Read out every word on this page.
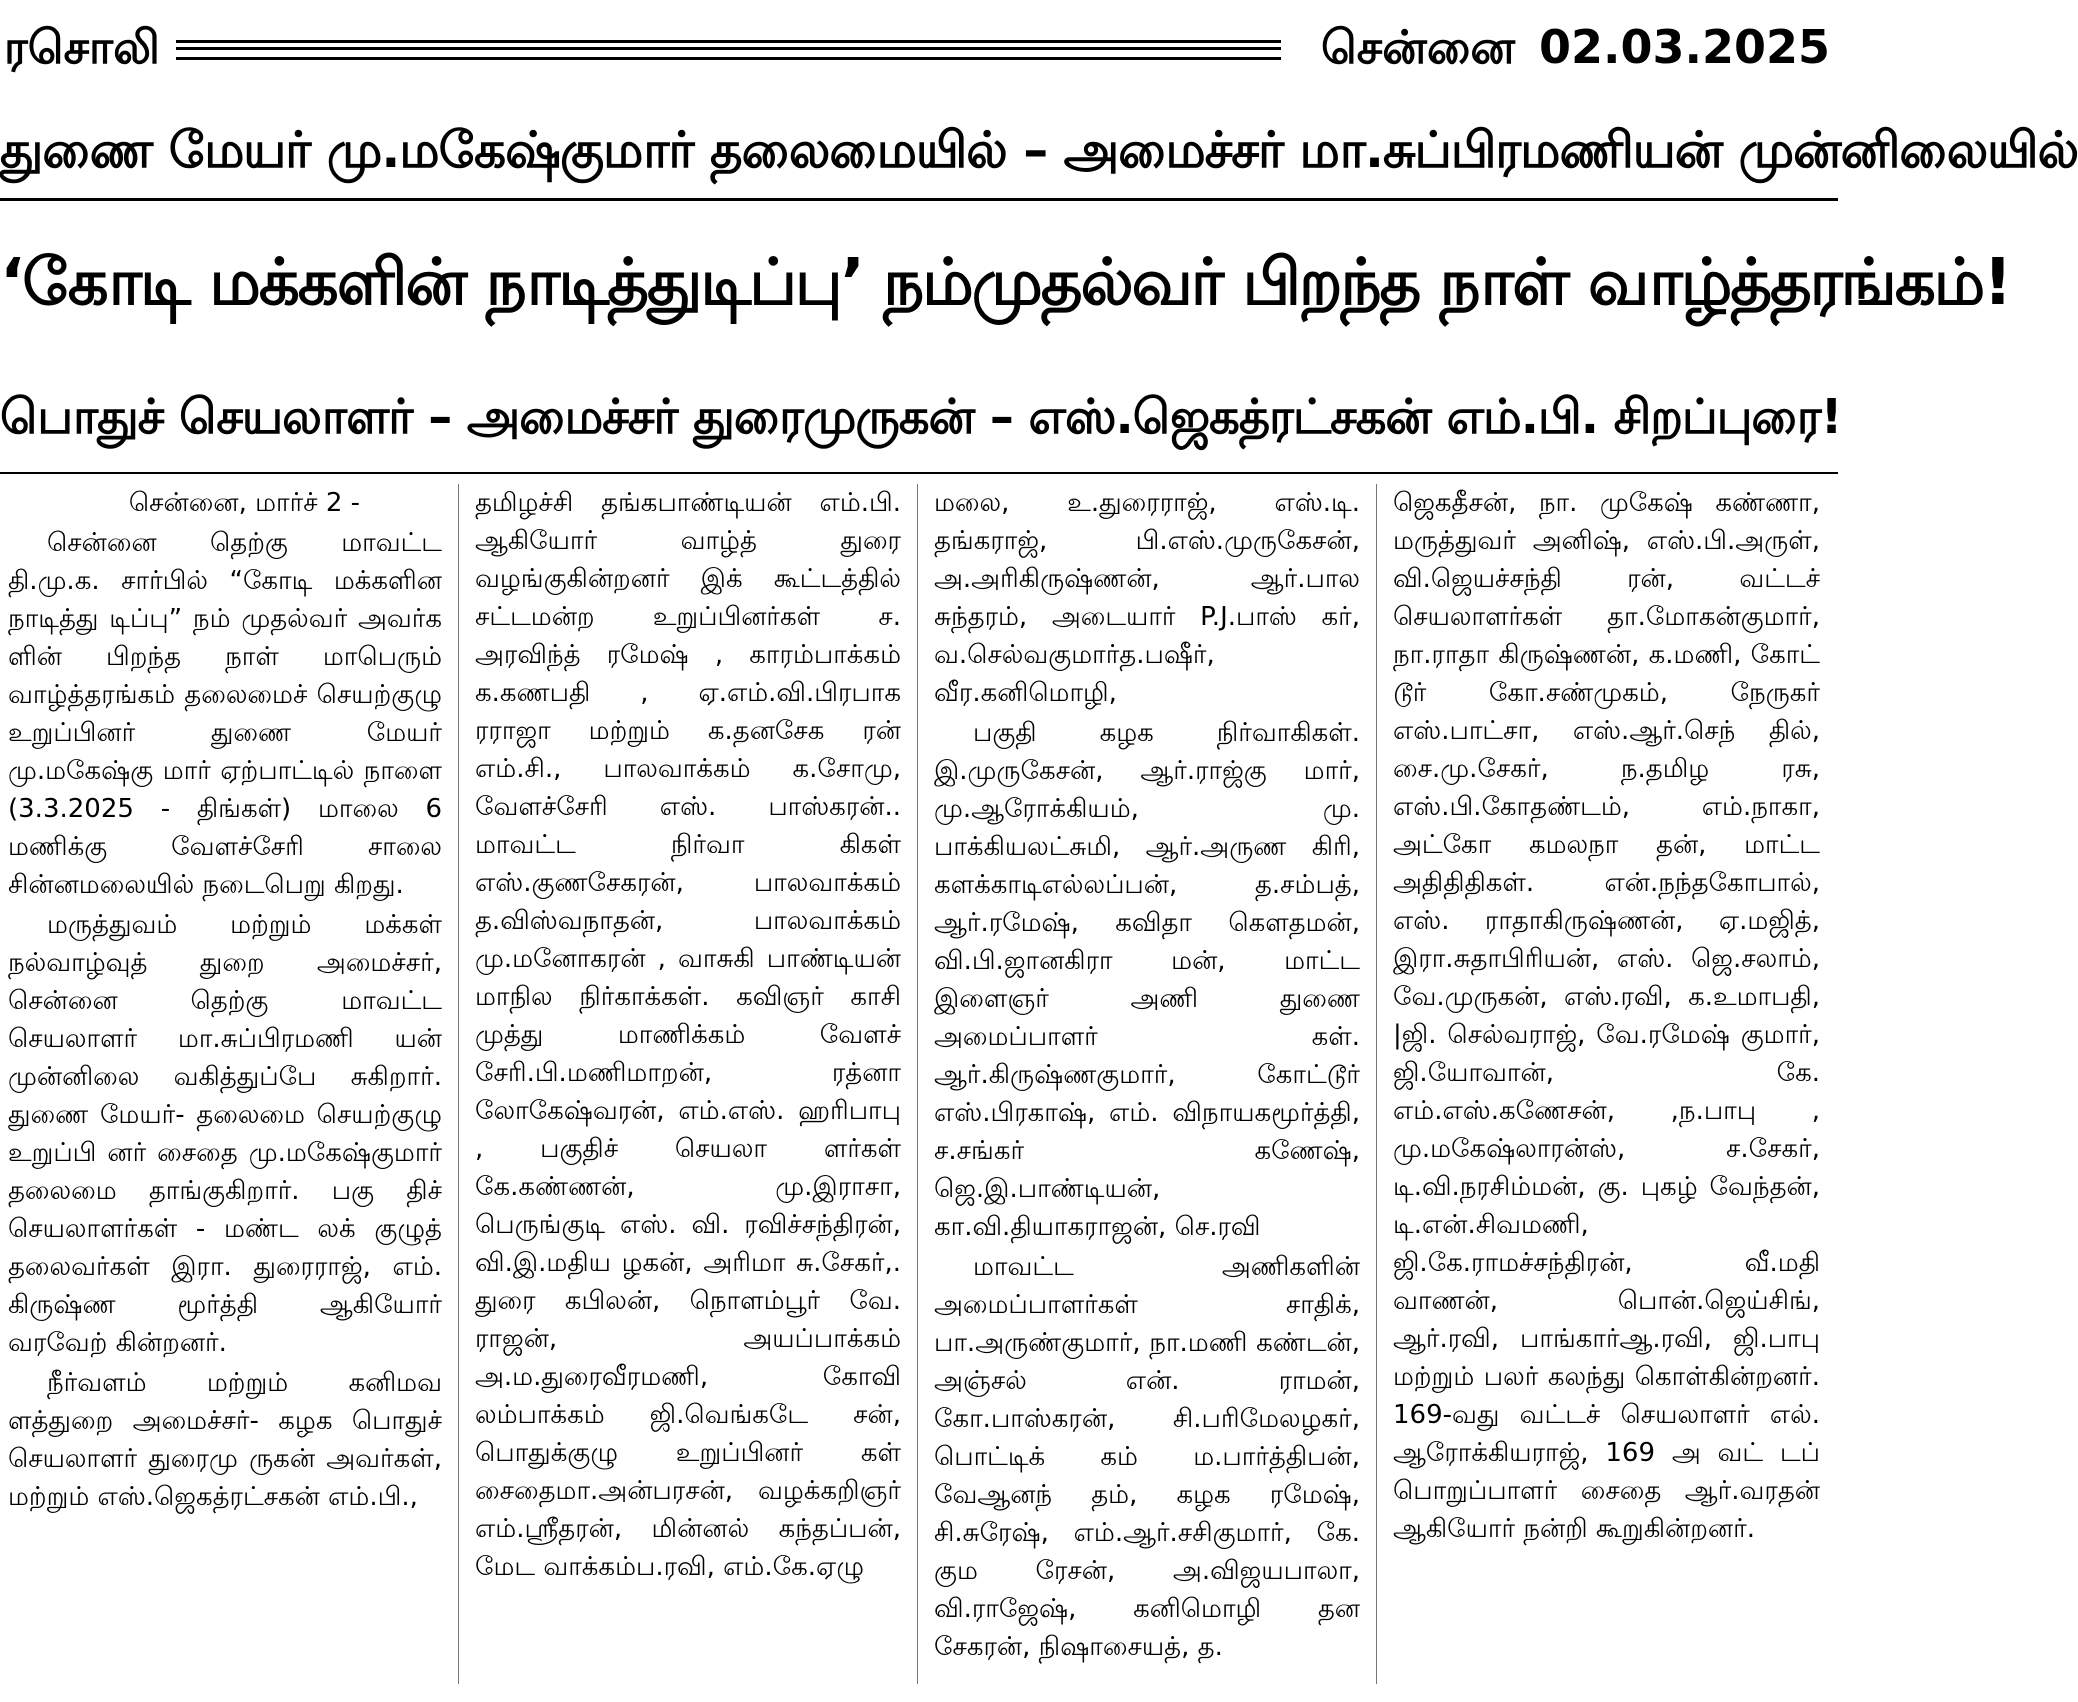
ரசொலி	சென்னை 02.03.2025
துணை மேயர் மு.மகேஷ்குமார் தலைமையில் – அமைச்சர் மா.சுப்பிரமணியன் முன்னிலையில்
‘கோடி மக்களின் நாடித்துடிப்பு’ நம்முதல்வர் பிறந்த நாள் வாழ்த்தரங்கம்!
பொதுச் செயலாளர் – அமைச்சர் துரைமுருகன் – எஸ்.ஜெகத்ரட்சகன் எம்.பி. சிறப்புரை!

சென்னை, மார்ச் 2 -

சென்னை தெற்கு மாவட்ட தி.மு.க. சார்பில் “கோடி மக்களின நாடித்து டிப்பு” நம் முதல்வர் அவர்க ளின் பிறந்த நாள் மாபெரும் வாழ்த்தரங்கம் தலைமைச் செயற்குழு உறுப்பினர் துணை மேயர் மு.மகேஷ்கு மார் ஏற்பாட்டில் நாளை (3.3.2025 - திங்கள்) மாலை 6 மணிக்கு வேளச்சேரி சாலை சின்னமலையில் நடைபெறு கிறது.

மருத்துவம் மற்றும் மக்கள் நல்வாழ்வுத் துறை அமைச்சர், சென்னை தெற்கு மாவட்ட செயலாளர் மா.சுப்பிரமணி யன் முன்னிலை வகித்துப்பே சுகிறார். துணை மேயர்- தலைமை செயற்குழு உறுப்பி னர் சைதை மு.மகேஷ்குமார் தலைமை தாங்குகிறார். பகு திச் செயலாளர்கள் - மண்ட லக் குழுத் தலைவர்கள் இரா. துரைராஜ், எம். கிருஷ்ண மூர்த்தி ஆகியோர் வரவேற் கின்றனர்.

நீர்வளம் மற்றும் கனிமவ ளத்துறை அமைச்சர்- கழக பொதுச் செயலாளர் துரைமு ருகன் அவர்கள், மற்றும் எஸ்.ஜெகத்ரட்சகன் எம்.பி.,

தமிழச்சி தங்கபாண்டியன் எம்.பி. ஆகியோர் வாழ்த் துரை வழங்குகின்றனர் இக் கூட்டத்தில் சட்டமன்ற உறுப்பினர்கள் ச. அரவிந்த் ரமேஷ் , காரம்பாக்கம் க.கணபதி , ஏ.எம்.வி.பிரபாக ரராஜா மற்றும் க.தனசேக ரன் எம்.சி., பாலவாக்கம் க.சோமு, வேளச்சேரி எஸ். பாஸ்கரன்.. மாவட்ட நிர்வா கிகள் எஸ்.குணசேகரன், பாலவாக்கம் த.விஸ்வநாதன், பாலவாக்கம் மு.மனோகரன் , வாசுகி பாண்டியன் மாநில நிர்காக்கள். கவிஞர் காசி முத்து மாணிக்கம் வேளச் சேரி.பி.மணிமாறன், ரத்னா லோகேஷ்வரன், எம்.எஸ். ஹரிபாபு , பகுதிச் செயலா ளர்கள் கே.கண்ணன், மு.இராசா, பெருங்குடி எஸ். வி. ரவிச்சந்திரன், வி.இ.மதிய ழகன், அரிமா சு.சேகர்,. துரை கபிலன், நொளம்பூர் வே. ராஜன், அயப்பாக்கம் அ.ம.துரைவீரமணி, கோவி லம்பாக்கம் ஜி.வெங்கடே சன், பொதுக்குழு உறுப்பினர் கள் சைதைமா.அன்பரசன், வழக்கறிஞர் எம்.ஸ்ரீதரன், மின்னல் கந்தப்பன், மேட வாக்கம்ப.ரவி, எம்.கே.ஏழு

மலை, உ.துரைராஜ், எஸ்.டி. தங்கராஜ், பி.எஸ்.முருகேசன், அ.அரிகிருஷ்ணன், ஆர்.பால சுந்தரம், அடையார் P.J.பாஸ் கர், வ.செல்வகுமார்த.பஷீர், வீர.கனிமொழி,

பகுதி கழக நிர்வாகிகள். இ.முருகேசன், ஆர்.ராஜ்கு மார், மு.ஆரோக்கியம், மு. பாக்கியலட்சுமி, ஆர்.அருண கிரி, களக்காடிஎல்லப்பன், த.சம்பத், ஆர்.ரமேஷ், கவிதா கௌதமன், வி.பி.ஜானகிரா மன், மாட்ட இளைஞர் அணி துணை அமைப்பாளர் கள். ஆர்.கிருஷ்ணகுமார், கோட்டூர் எஸ்.பிரகாஷ், எம். விநாயகமூர்த்தி, ச.சங்கர் கணேஷ், ஜெ.இ.பாண்டியன், கா.வி.தியாகராஜன், செ.ரவி

மாவட்ட அணிகளின் அமைப்பாளர்கள் சாதிக், பா.அருண்குமார், நா.மணி கண்டன், அஞ்சல் என். ராமன், கோ.பாஸ்கரன், சி.பரிமேலழகர், பொட்டிக் கம் ம.பார்த்திபன், வேஆனந் தம், கழக ரமேஷ், சி.சுரேஷ், எம்.ஆர்.சசிகுமார், கே. கும ரேசன், அ.விஜயபாலா, வி.ராஜேஷ், கனிமொழி தன சேகரன், நிஷாசையத், த.

ஜெகதீசன், நா. முகேஷ் கண்ணா, மருத்துவர் அனிஷ், எஸ்.பி.அருள், வி.ஜெயச்சந்தி ரன், வட்டச் செயலாளர்கள் தா.மோகன்குமார், நா.ராதா கிருஷ்ணன், க.மணி, கோட் டூர் கோ.சண்முகம், நேருகர் எஸ்.பாட்சா, எஸ்.ஆர்.செந் தில், சை.மு.சேகர், ந.தமிழ ரசு, எஸ்.பி.கோதண்டம், எம்.நாகா, அட்கோ கமலநா தன், மாட்ட அதிதிதிகள். என்.நந்தகோபால், எஸ். ராதாகிருஷ்ணன், ஏ.மஜித், இரா.சுதாபிரியன், எஸ். ஜெ.சலாம், வே.முருகன், எஸ்.ரவி, க.உமாபதி, |ஜி. செல்வராஜ், வே.ரமேஷ் குமார், ஜி.யோவான், கே. எம்.எஸ்.கணேசன், ,ந.பாபு , மு.மகேஷ்லாரன்ஸ், ச.சேகர், டி.வி.நரசிம்மன், கு. புகழ் வேந்தன், டி.என்.சிவமணி, ஜி.கே.ராமச்சந்திரன், வீ.மதி வாணன், பொன்.ஜெய்சிங், ஆர்.ரவி, பாங்கார்ஆ.ரவி, ஜி.பாபு மற்றும் பலர் கலந்து கொள்கின்றனர். 169-வது வட்டச் செயலாளர் எல். ஆரோக்கியராஜ், 169 அ வட் டப் பொறுப்பாளர் சைதை ஆர்.வரதன் ஆகியோர் நன்றி கூறுகின்றனர்.
